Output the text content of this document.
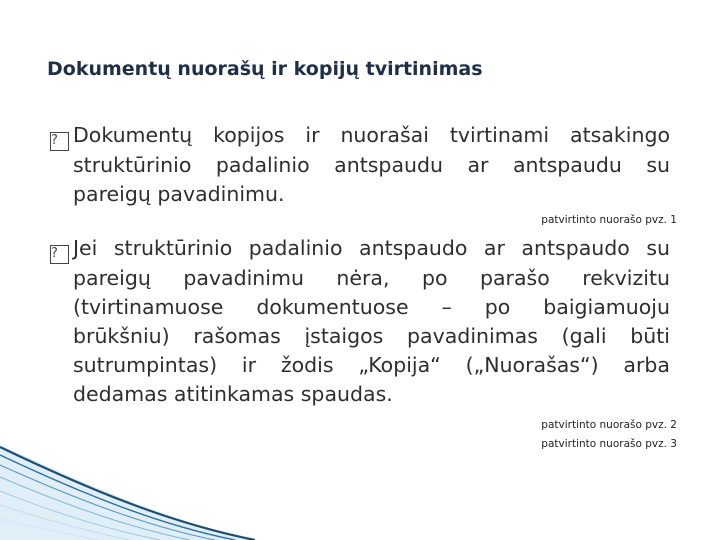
Dokumentų nuorašų ir kopijų tvirtinimas
? Dokumentų kopijos ir nuorašai tvirtinami atsakingo
struktūrinio padalinio antspaudu ar antspaudu su
pareigų pavadinimu.
patvirtinto nuorašo pvz. 1
? Jei struktūrinio padalinio antspaudo ar antspaudo su
pareigų pavadinimu nėra, po parašo rekvizitu
(tvirtinamuose dokumentuose – po baigiamuoju
brūkšniu) rašomas įstaigos pavadinimas (gali būti
sutrumpintas) ir žodis „Kopija“ („Nuorašas“) arba
dedamas atitinkamas spaudas.
patvirtinto nuorašo pvz. 2
patvirtinto nuorašo pvz. 3
